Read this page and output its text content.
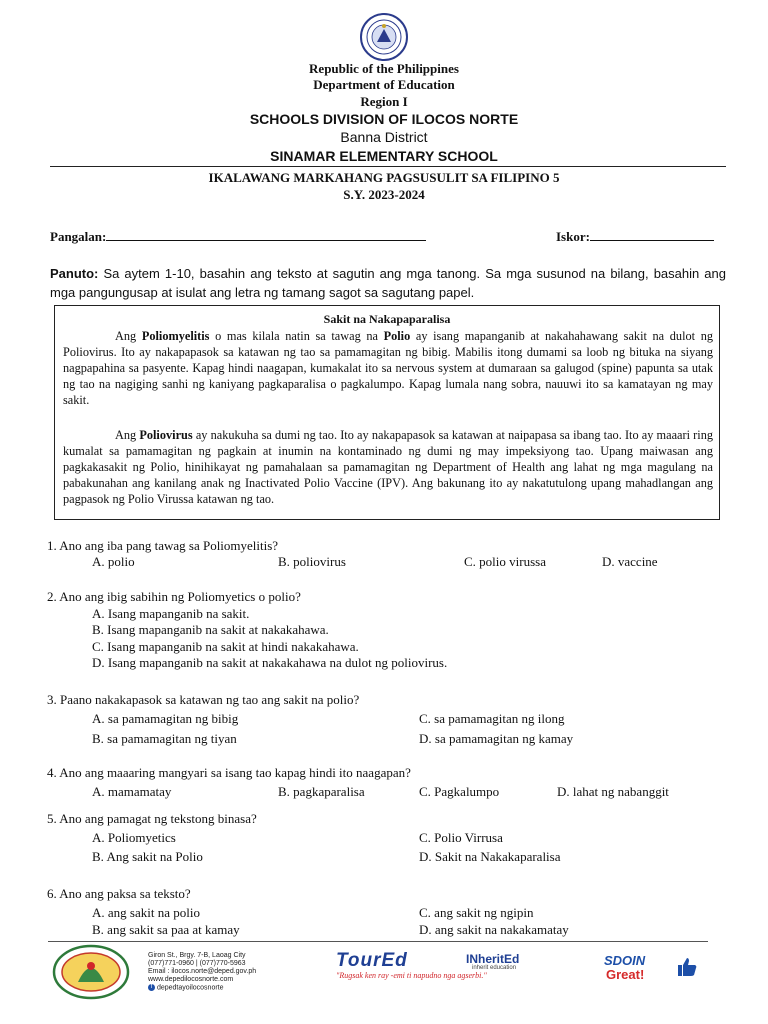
Republic of the Philippines
Department of Education
Region I
SCHOOLS DIVISION OF ILOCOS NORTE
Banna District
SINAMAR ELEMENTARY SCHOOL
IKALAWANG MARKAHANG PAGSUSULIT SA FILIPINO 5
S.Y. 2023-2024
Pangalan:	Iskor:
Panuto: Sa aytem 1-10, basahin ang teksto at sagutin ang mga tanong. Sa mga susunod na bilang, basahin ang mga pangungusap at isulat ang letra ng tamang sagot sa sagutang papel.
Sakit na Nakapaparalisa

Ang Poliomyelitis o mas kilala natin sa tawag na Polio ay isang mapanganib at nakahahawang sakit na dulot ng Poliovirus. Ito ay nakapapasok sa katawan ng tao sa pamamagitan ng bibig. Mabilis itong dumami sa loob ng bituka na siyang nagpapahina sa pasyente. Kapag hindi naagapan, kumakalat ito sa nervous system at dumaraan sa galugod (spine) papunta sa utak ng tao na nagiging sanhi ng kaniyang pagkaparalisa o pagkalumpo. Kapag lumala nang sobra, nauuwi ito sa kamatayan ng may sakit.

Ang Poliovirus ay nakukuha sa dumi ng tao. Ito ay nakapapasok sa katawan at naipapasa sa ibang tao. Ito ay maaari ring kumalat sa pamamagitan ng pagkain at inumin na kontaminado ng dumi ng may impeksiyong tao. Upang maiwasan ang pagkakasakit ng Polio, hinihikayat ng pamahalaan sa pamamagitan ng Department of Health ang lahat ng mga magulang na pabakunahan ang kanilang anak ng Inactivated Polio Vaccine (IPV). Ang bakunang ito ay nakatutulong upang mahadlangan ang pagpasok ng Polio Virussa katawan ng tao.

1. Ano ang iba pang tawag sa Poliomyelitis?
A. polio	B. poliovirus	C. polio virussa	D. vaccine
2. Ano ang ibig sabihin ng Poliomyetics o polio?
A. Isang mapanganib na sakit.
B. Isang mapanganib na sakit at nakakahawa.
C. Isang mapanganib na sakit at hindi nakakahawa.
D. Isang mapanganib na sakit at nakakahawa na dulot ng poliovirus.
3. Paano nakakapasok sa katawan ng tao ang sakit na polio?
A. sa pamamagitan ng bibig	C. sa pamamagitan ng ilong
B. sa pamamagitan ng tiyan	D. sa pamamagitan ng kamay
4. Ano ang maaaring mangyari sa isang tao kapag hindi ito naagapan?
A. mamamatay	B. pagkaparalisa	C. Pagkalumpo	D. lahat ng nabanggit
5. Ano ang pamagat ng tekstong binasa?
A. Poliomyetics	C. Polio Virrusa
B. Ang sakit na Polio	D. Sakit na Nakakaparalisa
6. Ano ang paksa sa teksto?
A. ang sakit na polio	C. ang sakit ng ngipin
B. ang sakit sa paa at kamay	D. ang sakit na nakakamatay
Giron St., Brgy. 7-B, Laoag City
(077)771-0960 | (077)770-5963
Email : ilocos.norte@deped.gov.ph
www.depedilocosnorte.com
f depedtayoilocosnorte
TourEd
"Rugsak ken ray -emi ti napudno nga agserbi."
INheritEd
inherit education	SDOIN
Great!
